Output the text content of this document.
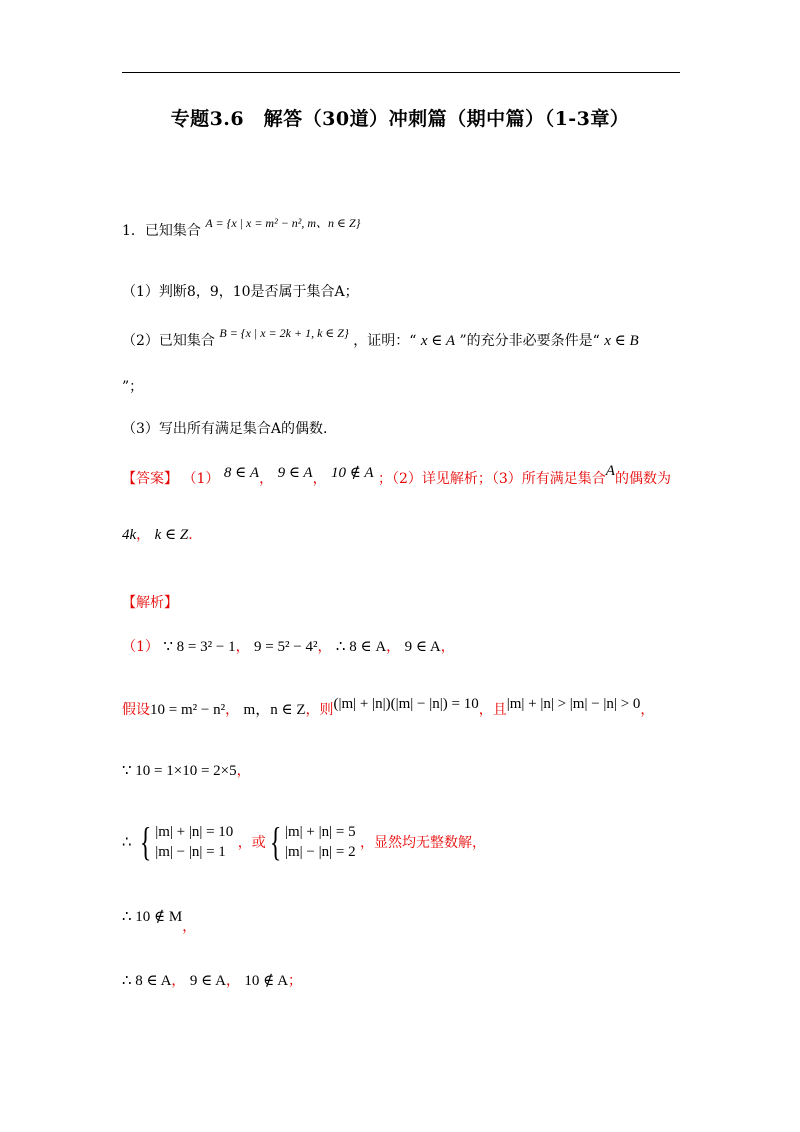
专题3.6　解答（30道）冲刺篇（期中篇）（1-3章）
1．已知集合 A = {x | x = m² − n², m、n ∈ Z}
（1）判断8，9，10是否属于集合A；
（2）已知集合 B = {x | x = 2k + 1, k ∈ Z} ，证明：“ x ∈ A ”的充分非必要条件是“ x ∈ B
”；
（3）写出所有满足集合A的偶数.
【答案】 （1） 8 ∈ A， 9 ∈ A， 10 ∉ A ；（2）详见解析；（3）所有满足集合A的偶数为
4k， k ∈ Z.
【解析】
（1） ∵ 8 = 3² − 1， 9 = 5² − 4²， ∴ 8 ∈ A， 9 ∈ A，
假设10 = m² − n²， m，n ∈ Z，则(|m| + |n|)(|m| − |n|) = 10，且|m| + |n| > |m| − |n| > 0，
∵ 10 = 1×10 = 2×5，
∴ { |m| + |n| = 10
|m| − |n| = 1 ，或{ |m| + |n| = 5
|m| − |n| = 2 ，显然均无整数解，
∴ 10 ∉ M，
∴ 8 ∈ A， 9 ∈ A， 10 ∉ A；
